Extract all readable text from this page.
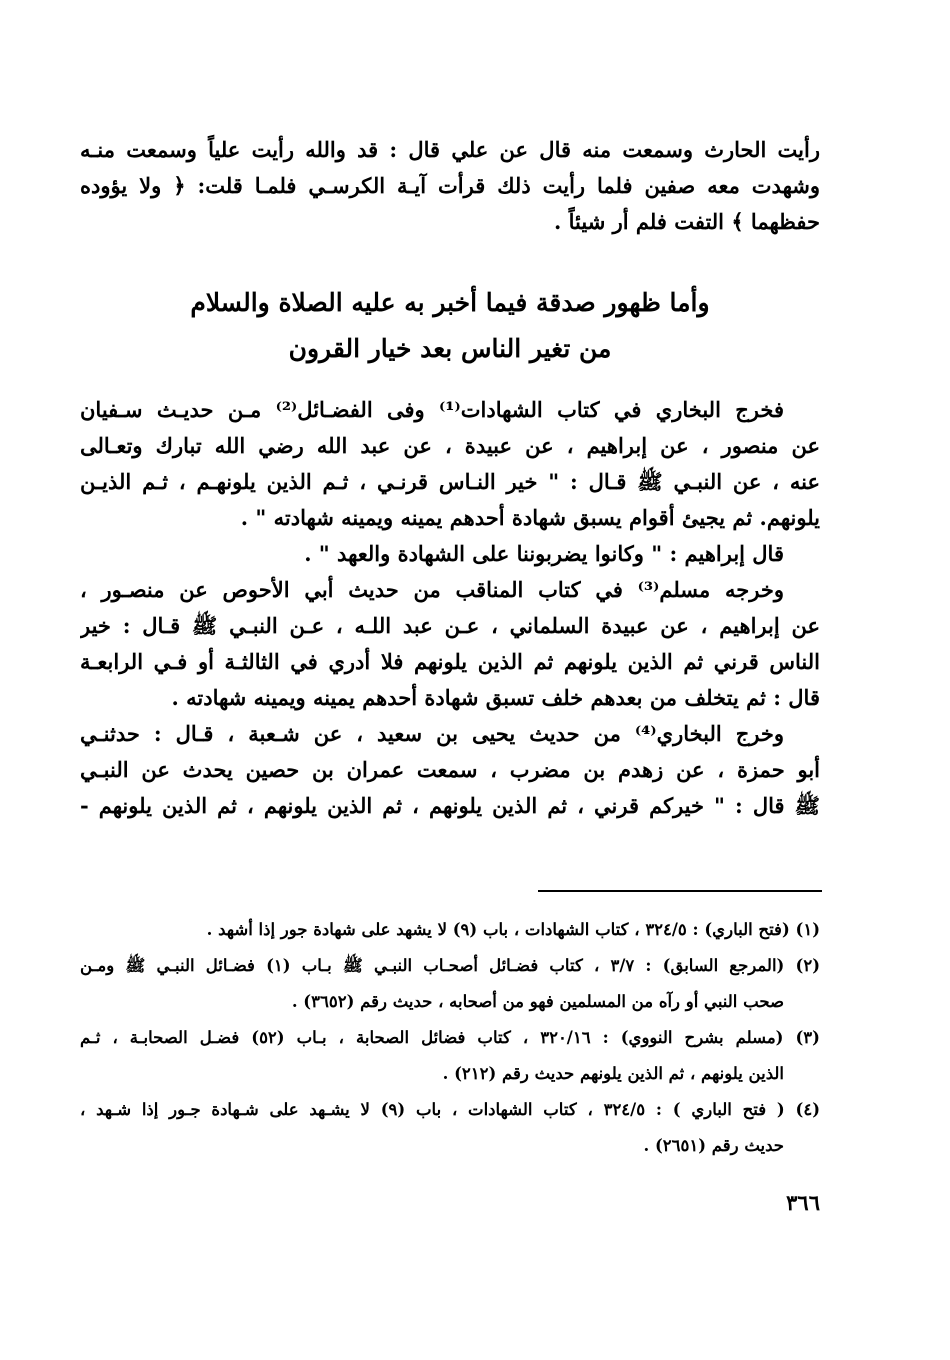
رأيت الحارث وسمعت منه قال عن علي قال : قد والله رأيت علياً وسمعت منـه
وشهدت معه صفين فلما رأيت ذلك قرأت آيـة الكرسـي فلمـا قلت: ﴿ ولا يؤوده
حفظهما ﴾ التفت فلم أر شيئاً .
وأما ظهور صدقة فيما أخبر به عليه الصلاة والسلام
من تغير الناس بعد خيار القرون
فخرج البخاري في كتاب الشهادات⁽¹⁾ وفى الفضـائل⁽²⁾ مـن حديـث سـفيان
عن منصور ، عن إبراهيم ، عن عبيدة ، عن عبد الله رضي الله تبارك وتعـالى
عنه ، عن النبـي ﷺ قـال : " خير النـاس قرنـي ، ثـم الذين يلونهـم ، ثـم الذيـن
يلونهم. ثم يجيئ أقوام يسبق شهادة أحدهم يمينه ويمينه شهادته " .
قال إبراهيم : " وكانوا يضربوننا على الشهادة والعهد " .
وخرجه مسلم⁽³⁾ في كتاب المناقب من حديث أبي الأحوص عن منصـور ،
عن إبراهيم ، عن عبيدة السلماني ، عـن عبد اللـه ، عـن النبـي ﷺ قـال : خير
الناس قرني ثم الذين يلونهم ثم الذين يلونهم فلا أدري في الثالثـة أو فـي الرابعـة
قال : ثم يتخلف من بعدهم خلف تسبق شهادة أحدهم يمينه ويمينه شهادته .
وخرج البخاري⁽⁴⁾ من حديث يحيى بن سعيد ، عن شـعبة ، قـال : حدثنـي
أبو حمزة ، عن زهدم بن مضرب ، سمعت عمران بن حصين يحدث عن النبـي
ﷺ قال : " خيركم قرني ، ثم الذين يلونهم ، ثم الذين يلونهم ، ثم الذين يلونهم -
(١) (فتح الباري) : ٣٢٤/٥ ، كتاب الشهادات ، باب (٩) لا يشهد على شهادة جور إذا أشهد .
(٢) (المرجع السابق) : ٣/٧ ، كتاب فضـائل أصحـاب النبـي ﷺ بـاب (١) فضـائل النبـي ﷺ ومـن
صحب النبي أو رآه من المسلمين فهو من أصحابه ، حديث رقم (٣٦٥٢) .
(٣) (مسلم بشرح النووي) : ٣٢٠/١٦ ، كتاب فضائل الصحابة ، بـاب (٥٢) فضـل الصحابـة ، ثـم
الذين يلونهم ، ثم الذين يلونهم حديث رقم (٢١٢) .
(٤) ( فتح الباري ) : ٣٢٤/٥ ، كتاب الشهادات ، باب (٩) لا يشـهد على شـهادة جـور إذا شـهد ،
حديث رقم (٢٦٥١) .
٣٦٦
